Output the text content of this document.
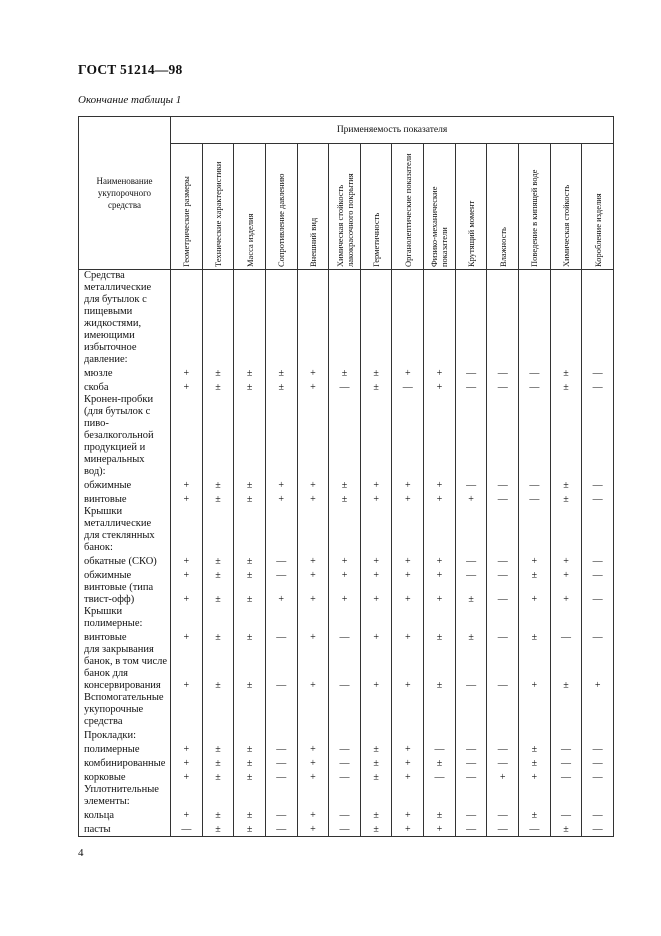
ГОСТ 51214—98
Окончание таблицы 1
Наименование
укупорочного
средства	Применяемость показателя													

	Геометрические размеры	Технические характеристики	Масса изделия	Сопротивление давлению	Внешний вид	Химическая стойкость лакокрасочного покрытия	Герметичность	Органолептические показатели	Физико-механические показатели	Крутящий момент	Влажность	Поведение в кипящей воде	Химическая стойкость	Коробление изделия

Средства металлические для бутылок с пищевыми жидкостями, имеющими избыточное давление:														
мюзле	+	±	±	±	+	±	±	+	+	—	—	—	±	—
скоба	+	±	±	±	+	—	±	—	+	—	—	—	±	—
Кронен-пробки (для бутылок с пиво-безалкогольной продукцией и минеральных вод):														
обжимные	+	±	±	+	+	±	+	+	+	—	—	—	±	—
винтовые	+	±	±	+	+	±	+	+	+	+	—	—	±	—
Крышки металлические для стеклянных банок:														
обкатные (СКО)	+	±	±	—	+	+	+	+	+	—	—	+	+	—
обжимные	+	±	±	—	+	+	+	+	+	—	—	±	+	—
винтовые (типа твист-офф)	+	±	±	+	+	+	+	+	+	±	—	+	+	—
Крышки полимерные:														
винтовые	+	±	±	—	+	—	+	+	±	±	—	±	—	—
для закрывания банок, в том числе банок для консервирования	+	±	±	—	+	—	+	+	±	—	—	+	±	+
Вспомогательные укупорочные средства														
Прокладки:														
полимерные	+	±	±	—	+	—	±	+	—	—	—	±	—	—
комбинированные	+	±	±	—	+	—	±	+	±	—	—	±	—	—
корковые	+	±	±	—	+	—	±	+	—	—	+	+	—	—
Уплотнительные элементы:														
кольца	+	±	±	—	+	—	±	+	±	—	—	±	—	—
пасты	—	±	±	—	+	—	±	+	+	—	—	—	±	—
4
